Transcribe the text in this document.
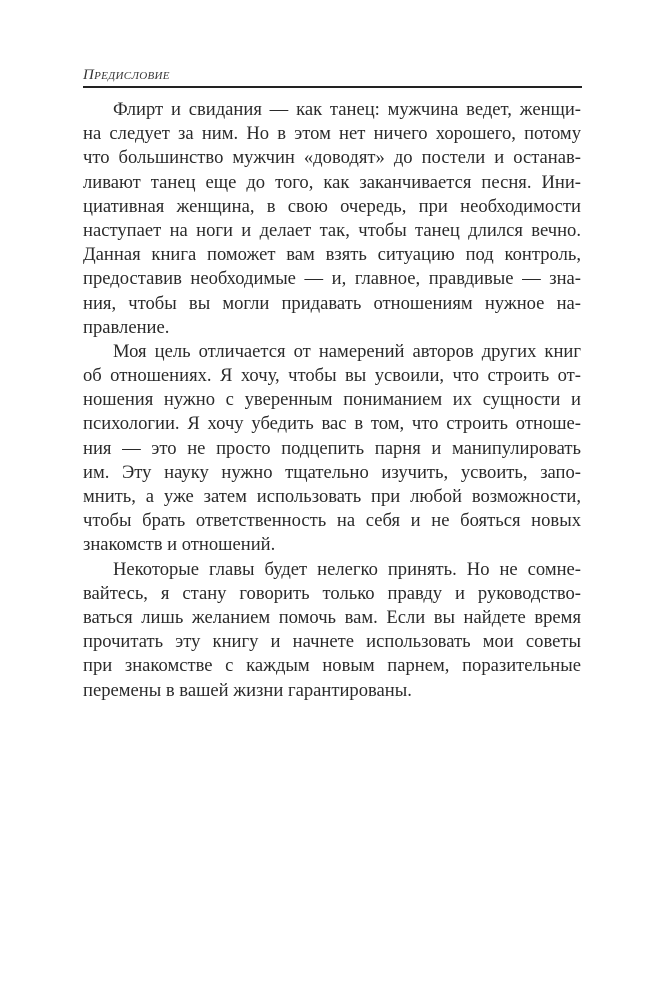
Предисловие
Флирт и свидания — как танец: мужчина ведет, женщи-
на следует за ним. Но в этом нет ничего хорошего, потому
что большинство мужчин «доводят» до постели и останав-
ливают танец еще до того, как заканчивается песня. Ини-
циативная женщина, в свою очередь, при необходимости
наступает на ноги и делает так, чтобы танец длился вечно.
Данная книга поможет вам взять ситуацию под контроль,
предоставив необходимые — и, главное, правдивые — зна-
ния, чтобы вы могли придавать отношениям нужное на-
правление.
Моя цель отличается от намерений авторов других книг
об отношениях. Я хочу, чтобы вы усвоили, что строить от-
ношения нужно с уверенным пониманием их сущности и
психологии. Я хочу убедить вас в том, что строить отноше-
ния — это не просто подцепить парня и манипулировать
им. Эту науку нужно тщательно изучить, усвоить, запо-
мнить, а уже затем использовать при любой возможности,
чтобы брать ответственность на себя и не бояться новых
знакомств и отношений.
Некоторые главы будет нелегко принять. Но не сомне-
вайтесь, я стану говорить только правду и руководство-
ваться лишь желанием помочь вам. Если вы найдете время
прочитать эту книгу и начнете использовать мои советы
при знакомстве с каждым новым парнем, поразительные
перемены в вашей жизни гарантированы.
